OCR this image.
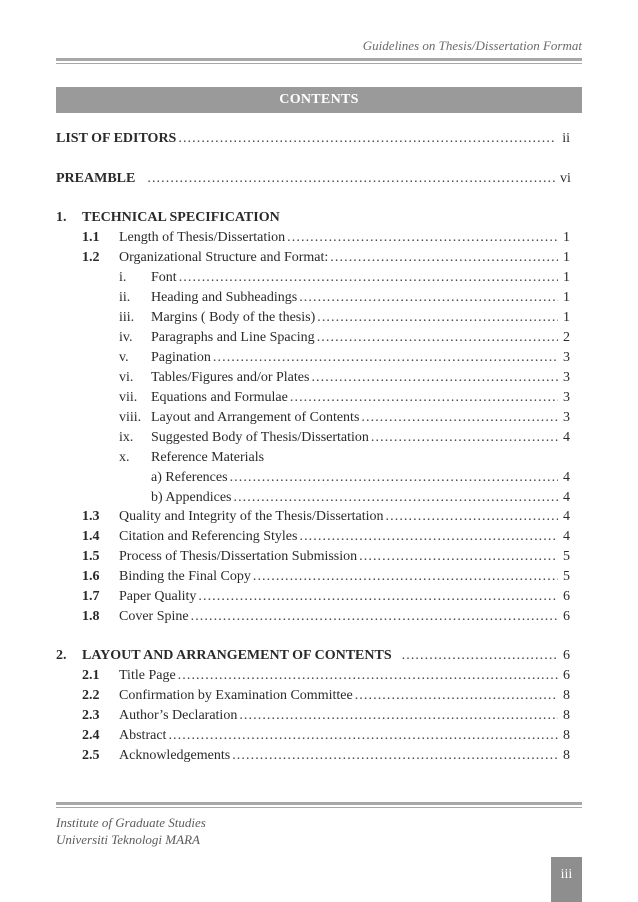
Guidelines on Thesis/Dissertation Format
CONTENTS
LIST OF EDITORS . . .	ii
PREAMBLE . . .	vi
1.	TECHNICAL SPECIFICATION
1.1	Length of Thesis/Dissertation . . .	1
1.2	Organizational Structure and Format: . . .	1
i.	Font . . .	1
ii.	Heading and Subheadings . . .	1
iii.	Margins ( Body of the thesis) . . .	1
iv.	Paragraphs and Line Spacing . . .	2
v.	Pagination . . .	3
vi.	Tables/Figures and/or Plates . . .	3
vii. Equations and Formulae . . .	3
viii. Layout and Arrangement of Contents . . .	3
ix.	Suggested Body of Thesis/Dissertation . . .	4
x.	Reference Materials
a) References . . .	4
b) Appendices . . .	4
1.3	Quality and Integrity of the Thesis/Dissertation . . .	4
1.4	Citation and Referencing Styles . . .	4
1.5	Process of Thesis/Dissertation Submission . . .	5
1.6	Binding the Final Copy . . .	5
1.7	Paper Quality . . .	6
1.8	Cover Spine . . .	6
2.	LAYOUT AND ARRANGEMENT OF CONTENTS . . .	6
2.1	Title Page . . .	6
2.2	Confirmation by Examination Committee . . .	8
2.3	Author’s Declaration . . .	8
2.4	Abstract . . .	8
2.5	Acknowledgements . . .	8
Institute of Graduate Studies
Universiti Teknologi MARA
iii
